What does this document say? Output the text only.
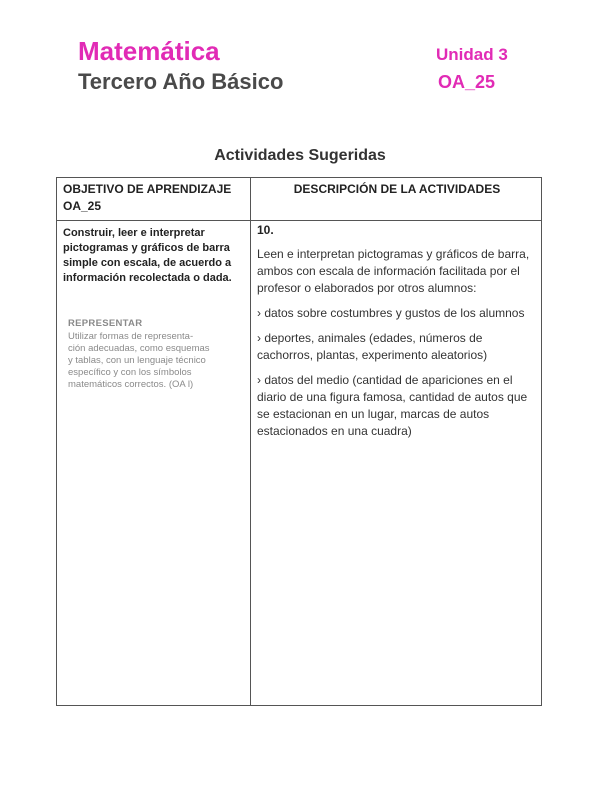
Matemática
Tercero Año Básico
Unidad 3
OA_25
Actividades Sugeridas
OBJETIVO DE APRENDIZAJE OA_25
DESCRIPCIÓN DE LA ACTIVIDADES
Construir, leer e interpretar pictogramas y gráficos de barra simple con escala, de acuerdo a información recolectada o dada.
REPRESENTAR
Utilizar formas de representa-
ción adecuadas, como esquemas
y tablas, con un lenguaje técnico
específico y con los símbolos
matemáticos correctos. (OA l)
10.

Leen e interpretan pictogramas y gráficos de barra, ambos con escala de información facilitada por el profesor o elaborados por otros alumnos:

› datos sobre costumbres y gustos de los alumnos

› deportes, animales (edades, números de cachorros, plantas, experimento aleatorios)

› datos del medio (cantidad de apariciones en el diario de una figura famosa, cantidad de autos que se estacionan en un lugar, marcas de autos estacionados en una cuadra)
